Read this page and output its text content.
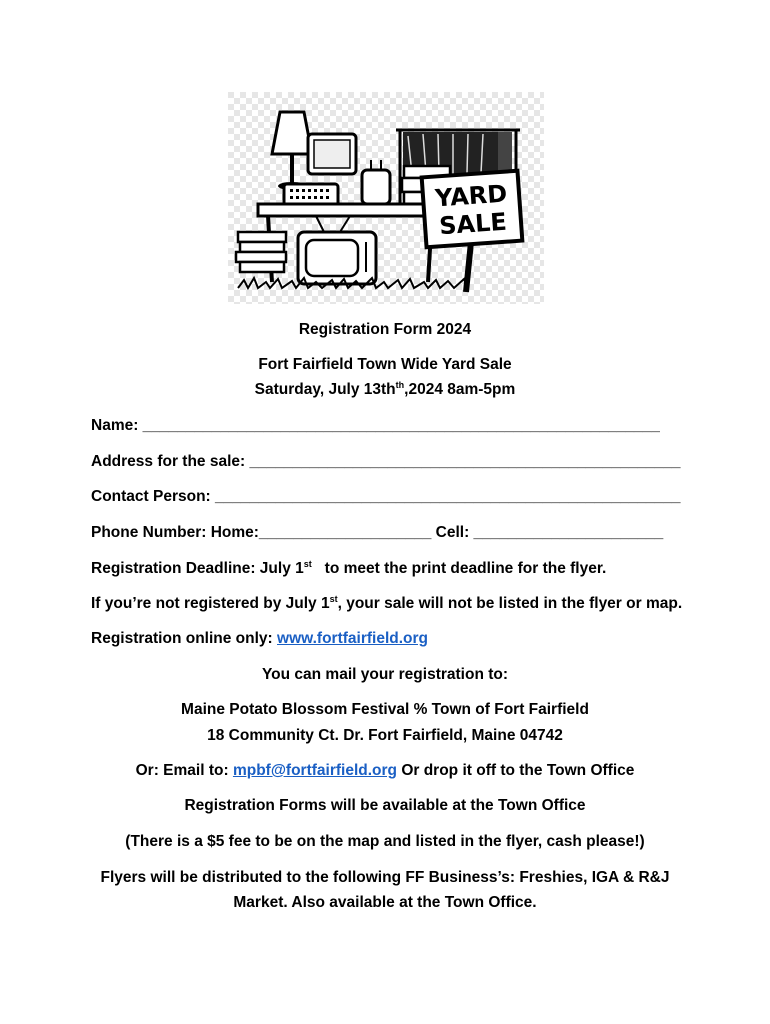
YARD
SALE
Registration Form 2024
Fort Fairfield Town Wide Yard Sale
Saturday, July $13th^{th},2024$ 8am-5pm
Name: ____________________________________________________________
Address for the sale: __________________________________________________
Contact Person: ______________________________________________________
Phone Number: Home:____________________ Cell: ______________________
Registration Deadline: July 1st   to meet the print deadline for the flyer.
If you’re not registered by July 1st, your sale will not be listed in the flyer or map.
Registration online only: www.fortfairfield.org
You can mail your registration to:
Maine Potato Blossom Festival % Town of Fort Fairfield
18 Community Ct. Dr. Fort Fairfield, Maine 04742
Or: Email to: mpbf@fortfairfield.org Or drop it off to the Town Office
Registration Forms will be available at the Town Office
(There is a $5 fee to be on the map and listed in the flyer, cash please!)
Flyers will be distributed to the following FF Business’s: Freshies, IGA & R&J
Market. Also available at the Town Office.
